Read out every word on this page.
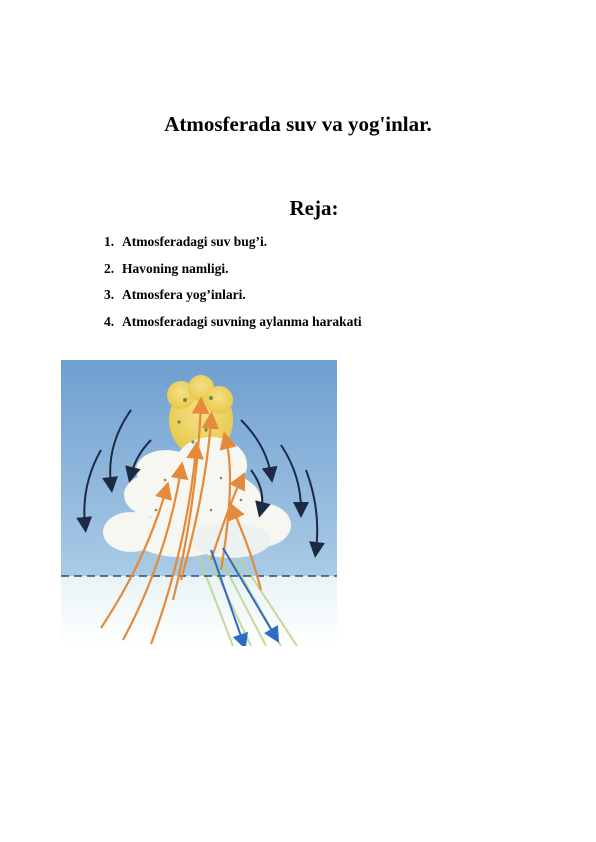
Atmosferada suv va yog'inlar.
Reja:
1. Atmosferadagi suv bug’i.
2. Havoning namligi.
3. Atmosfera yog’inlari.
4. Atmosferadagi suvning aylanma harakati
